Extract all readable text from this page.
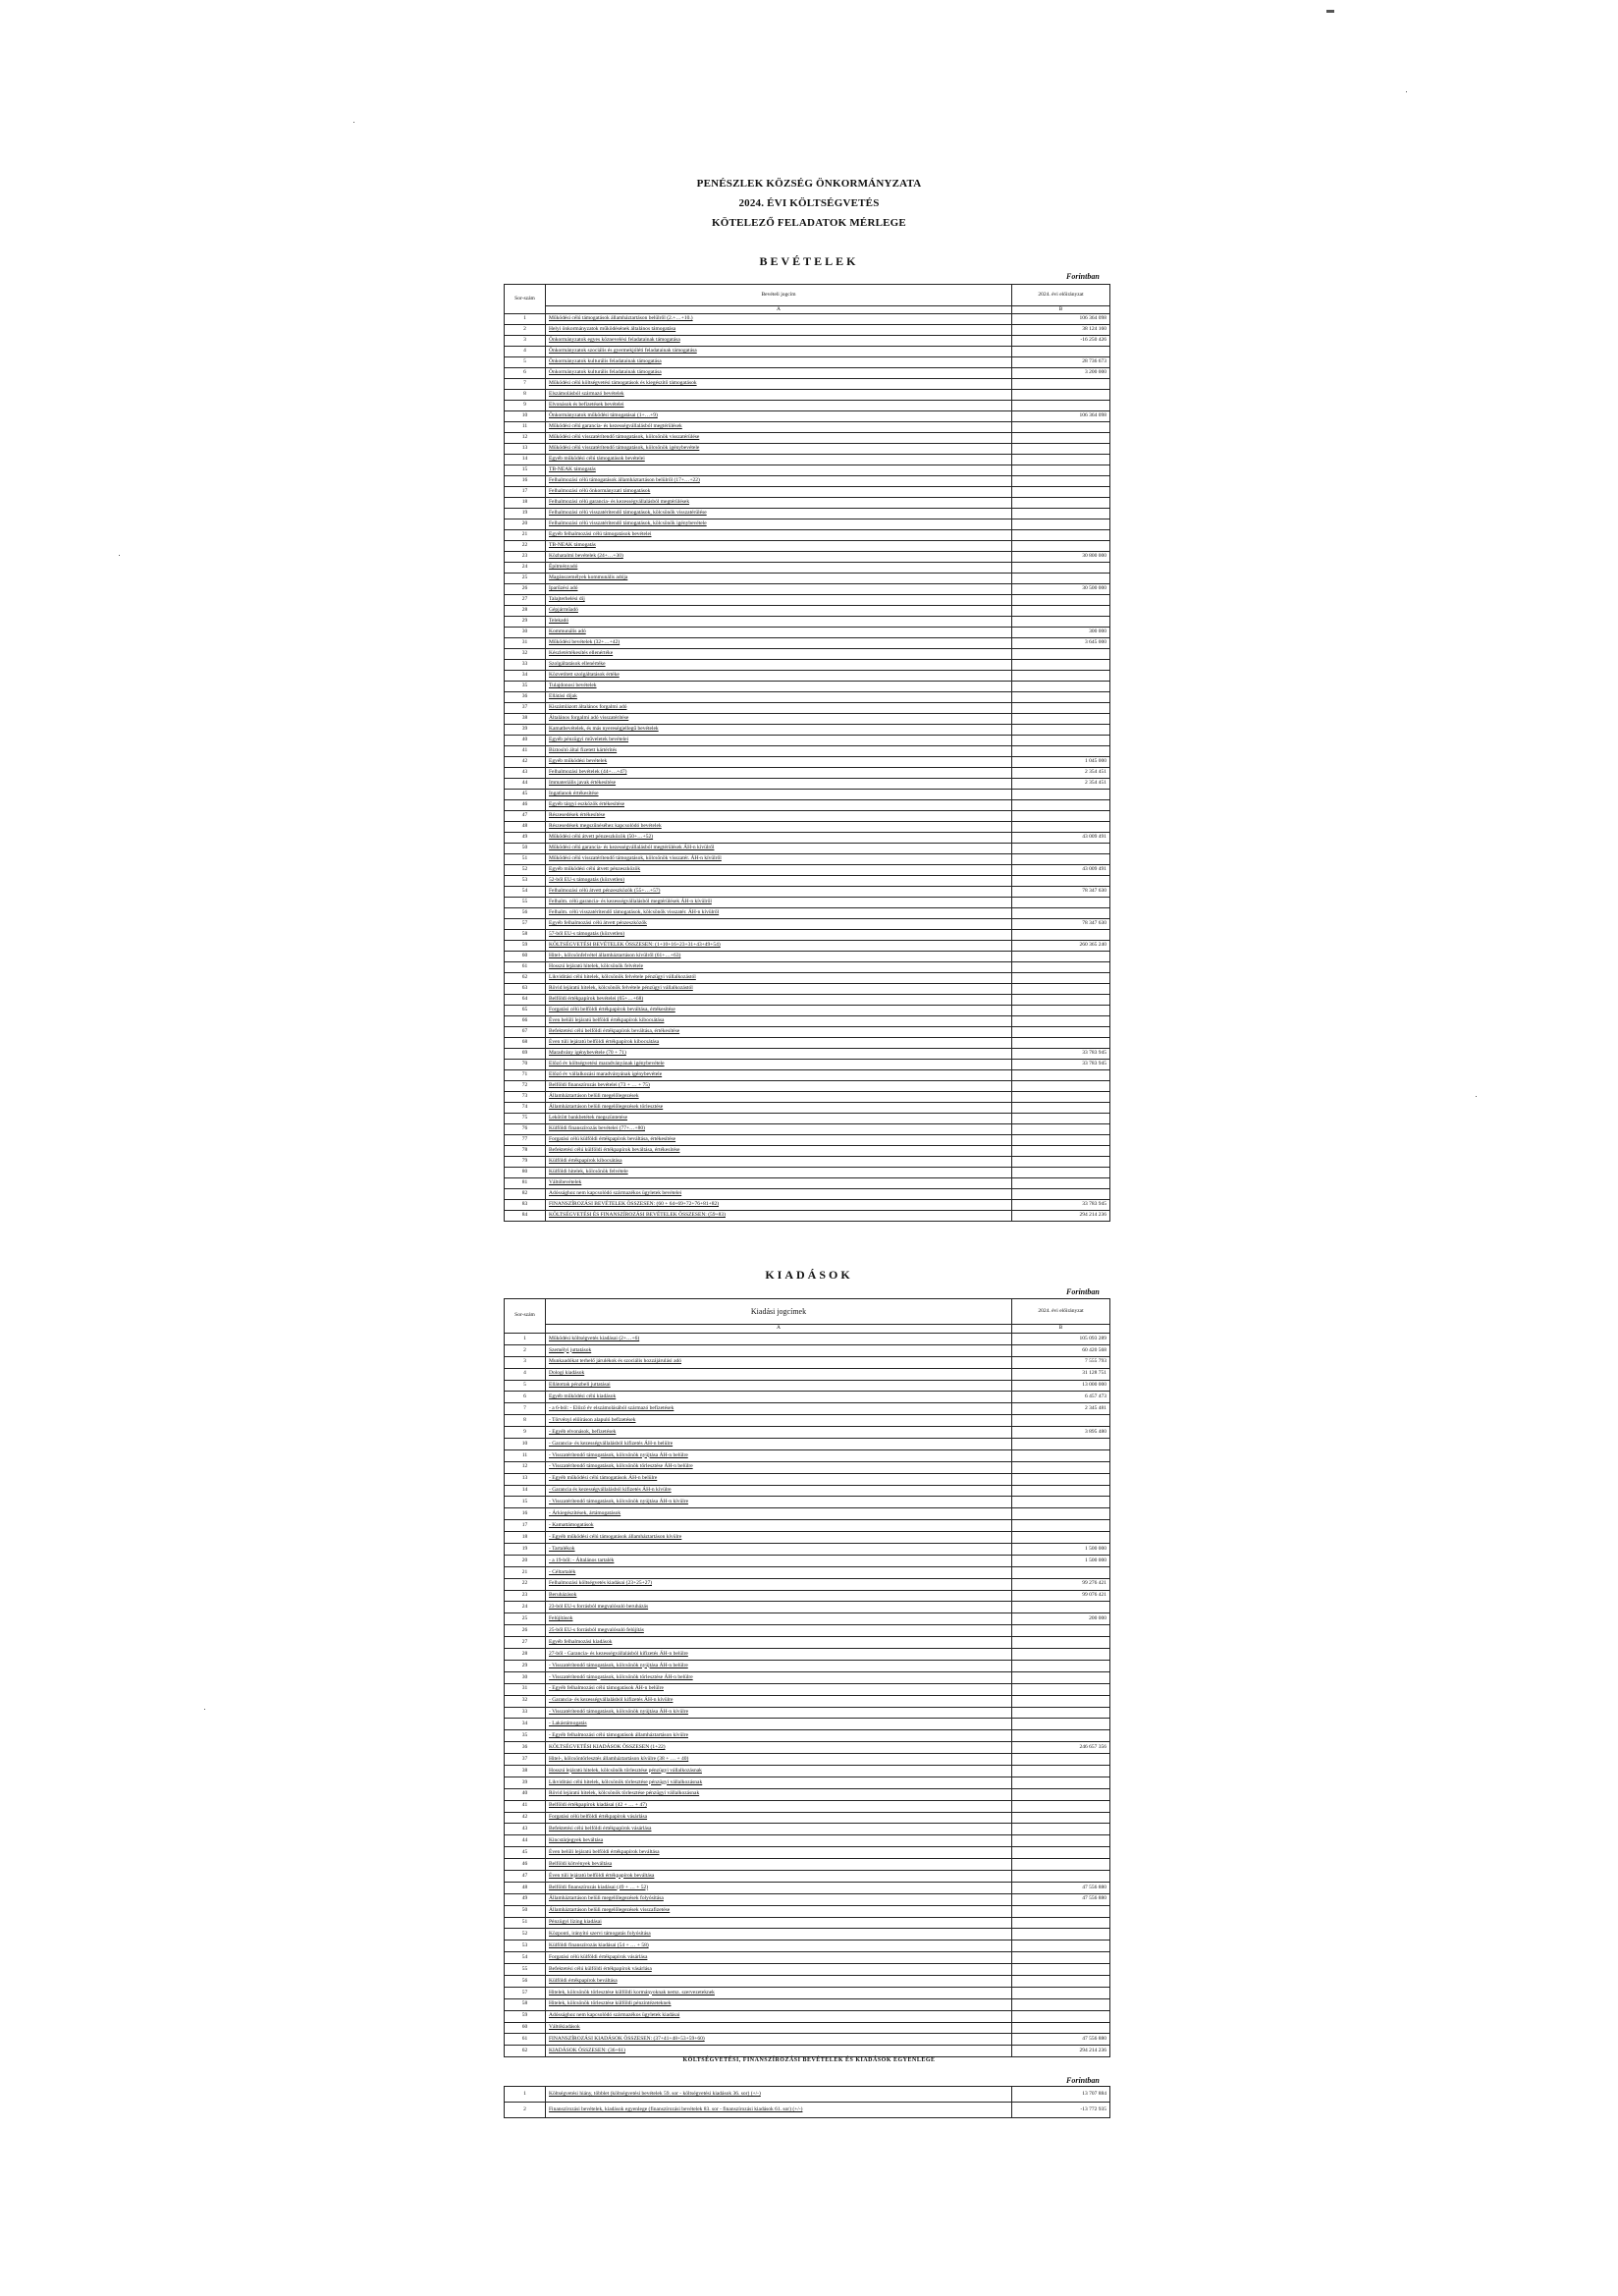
PENÉSZLEK KÖZSÉG ÖNKORMÁNYZATA
2024. ÉVI KÖLTSÉGVETÉS
KÖTELEZŐ FELADATOK MÉRLEGE
BEVÉTELEK
Forintban
Sor-szám	Bevételi jogcím	2024. évi előirányzat
	A	B
1	Működési célú támogatások államháztartáson belülről (2.+…+10.)	106 364 098
2	Helyi önkormányzatok működésének általános támogatása	38 124 160
3	Önkormányzatok egyes köznevelési feladatainak támogatása	-16 250 426
4	Önkormányzatok szociális és gyermekjóléti feladatainak támogatása	
5	Önkormányzatok kulturális feladatainak támogatása	28 736 673
6	Önkormányzatok kulturális feladatainak támogatása	3 200 000
7	Működési célú költségvetési támogatások és kiegészítő támogatások	
8	Elszámolásból származó bevételek	
9	Elvonások és befizetések bevételei	
10	Önkormányzatok működési támogatásai (1+…+9)	106 364 098
11	Működési célú garancia- és kezességvállalásból megtérülések	
12	Működési célú visszatérítendő támogatások, kölcsönök visszatérülése	
13	Működési célú visszatérítendő támogatások, kölcsönök igénybevétele	
14	Egyéb működési célú támogatások bevételei	
15	TB-NEAK támogatás	
16	Felhalmozási célú támogatások államháztartáson belülről (17+…+22)	
17	Felhalmozási célú önkormányzati támogatások	
18	Felhalmozási célú garancia- és kezességvállalásból megtérülések	
19	Felhalmozási célú visszatérítendő támogatások, kölcsönök visszatérülése	
20	Felhalmozási célú visszatérítendő támogatások, kölcsönök igénybevétele	
21	Egyéb felhalmozási célú támogatások bevételei	
22	TB-NEAK támogatás	
23	Közhatalmi bevételek (24+…+30)	30 800 000
24	Építményadó	
25	Magánszemélyek kommunális adója	
26	Iparűzési adó	30 500 000
27	Talajterhelési díj	
28	Gépjárműadó	
29	Telekadó	
30	Kommunális adó	300 000
31	Működési bevételek (32+…+42)	3 645 000
32	Készletértékesítés ellenértéke	
33	Szolgáltatások ellenértéke	
34	Közvetített szolgáltatások értéke	
35	Tulajdonosi bevételek	
36	Ellátási díjak	
37	Kiszámlázott általános forgalmi adó	
38	Általános forgalmi adó visszatérítése	
39	Kamatbevételek, és más nyereségjellegű bevételek	
40	Egyéb pénzügyi műveletek bevételei	
41	Biztosító által fizetett kártérítés	
42	Egyéb működési bevételek	1 045 000
43	Felhalmozási bevételek (44+…+47)	2 354 451
44	Immateriális javak értékesítése	2 354 451
45	Ingatlanok értékesítése	
46	Egyéb tárgyi eszközök értékesítése	
47	Részesedések értékesítése	
48	Részesedések megszűnéséhez kapcsolódó bevételek	
49	Működési célú átvett pénzeszközök (50+…+52)	43 009 491
50	Működési célú garancia- és kezességvállalásból megtérülések ÁH-n kívülről	
51	Működési célú visszatérítendő támogatások, kölcsönök visszatér. ÁH-n kívülről	
52	Egyéb működési célú átvett pénzeszközök	43 009 491
53	52-ből EU-s támogatás (közvetlen)	
54	Felhalmozási célú átvett pénzeszközök (55+…+57)	78 347 630
55	Felhalm. célú garancia- és kezességvállalásból megtérülések ÁH-n kívülről	
56	Felhalm. célú visszatérítendő támogatások, kölcsönök visszatér. ÁH-n kívülről	
57	Egyéb felhalmozási célú átvett pénzeszközök	78 347 630
58	57-ből EU-s támogatás (közvetlen)	
59	KÖLTSÉGVETÉSI BEVÉTELEK ÖSSZESEN: (1+10+16+23+31+43+49+54)	260 365 240
60	Hitel-, kölcsönfelvétel államháztartáson kívülről (61+…+63)	
61	Hosszú lejáratú hitelek, kölcsönök felvétele	
62	Likviditási célú hitelek, kölcsönök felvétele pénzügyi vállalkozástól	
63	Rövid lejáratú hitelek, kölcsönök felvétele pénzügyi vállalkozástól	
64	Belföldi értékpapírok bevételei (65+…+68)	
65	Forgatási célú belföldi értékpapírok beváltása, értékesítése	
66	Éven belüli lejáratú belföldi értékpapírok kibocsátása	
67	Befektetési célú belföldi értékpapírok beváltása, értékesítése	
68	Éven túli lejáratú belföldi értékpapírok kibocsátása	
69	Maradvány igénybevétele (70 + 71)	33 783 945
70	Előző év költségvetési maradványának igénybevétele	33 783 945
71	Előző év vállalkozási maradványának igénybevétele	
72	Belföldi finanszírozás bevételei (73 + … + 75)	
73	Államháztartáson belüli megelőlegezések	
74	Államháztartáson belüli megelőlegezések törlesztése	
75	Lekötött bankbetétek megszüntetése	
76	Külföldi finanszírozás bevételei (77+…+80)	
77	Forgatási célú külföldi értékpapírok beváltása, értékesítése	
78	Befektetési célú külföldi értékpapírok beváltása, értékesítése	
79	Külföldi értékpapírok kibocsátása	
80	Külföldi hitelek, kölcsönök felvétele	
81	Váltóbevételek	
82	Adóssághoz nem kapcsolódó származékos ügyletek bevételei	
83	FINANSZÍROZÁSI BEVÉTELEK ÖSSZESEN: (60 + 64+69+72+76+81+82)	33 783 945
84	KÖLTSÉGVETÉSI ÉS FINANSZÍROZÁSI BEVÉTELEK ÖSSZESEN: (59+83)	294 214 236
KIADÁSOK
Forintban
Sor-szám	Kiadási jogcímek	2024. évi előirányzat
	A	B
1	Működési költségvetés kiadásai (2+…+6)	105 093 289
2	Személyi juttatások	60 420 568
3	Munkaadókat terhelő járulékok és szociális hozzájárulási adó	7 555 793
4	Dologi kiadások	31 128 751
5	Ellátottak pénzbeli juttatásai	13 000 000
6	Egyéb működési célú kiadások	6 457 473
7	- a 6-ból: - Előző év elszámolásából származó befizetések	2 345 481
8	- Törvényi előíráson alapuló befizetések	
9	- Egyéb elvonások, befizetések	3 895 480
10	- Garancia- és kezességvállalásból kifizetés ÁH-n belülre	
11	- Visszatérítendő támogatások, kölcsönök nyújtása ÁH-n belülre	
12	- Visszatérítendő támogatások, kölcsönök törlesztése ÁH-n belülre	
13	- Egyéb működési célú támogatások ÁH-n belülre	
14	- Garancia és kezességvállalásból kifizetés ÁH-n kívülre	
15	- Visszatérítendő támogatások, kölcsönök nyújtása ÁH-n kívülre	
16	- Árkiegészítések, ártámogatások	
17	- Kamattámogatások	
18	- Egyéb működési célú támogatások államháztartáson kívülre	
19	- Tartalékok	1 500 000
20	- a 19-ből: - Általános tartalék	1 500 000
21	- Céltartalék	
22	Felhalmozási költségvetés kiadásai (23+25+27)	99 276 421
23	Beruházások	99 076 421
24	23-ból EU-s forrásból megvalósuló beruházás	
25	Felújítások	200 000
26	25-ből EU-s forrásból megvalósuló felújítás	
27	Egyéb felhalmozási kiadások	
28	27-ből - Garancia- és kezességvállalásból kifizetés ÁH-n belülre	
29	- Visszatérítendő támogatások, kölcsönök nyújtása ÁH-n belülre	
30	- Visszatérítendő támogatások, kölcsönök törlesztése ÁH-n belülre	
31	- Egyéb felhalmozási célú támogatások ÁH-n belülre	
32	- Garancia- és kezességvállalásból kifizetés ÁH-n kívülre	
33	- Visszatérítendő támogatások, kölcsönök nyújtása ÁH-n kívülre	
34	- Lakástámogatás	
35	- Egyéb felhalmozási célú támogatások államháztartáson kívülre	
36	KÖLTSÉGVETÉSI KIADÁSOK ÖSSZESEN (1+22)	246 657 356
37	Hitel-, kölcsöntörlesztés államháztartáson kívülre (38 + … + 40)	
38	Hosszú lejáratú hitelek, kölcsönök törlesztése pénzügyi vállalkozásnak	
39	Likviditási célú hitelek, kölcsönök törlesztése pénzügyi vállalkozásnak	
40	Rövid lejáratú hitelek, kölcsönök törlesztése pénzügyi vállalkozásnak	
41	Belföldi értékpapírok kiadásai (42 + … + 47)	
42	Forgatási célú belföldi értékpapírok vásárlása	
43	Befektetési célú belföldi értékpapírok vásárlása	
44	Kincstárjegyek beváltása	
45	Éven belüli lejáratú belföldi értékpapírok beváltása	
46	Belföldi kötvények beváltása	
47	Éven túli lejáratú belföldi értékpapírok beváltása	
48	Belföldi finanszírozás kiadásai (49 + … + 52)	47 556 880
49	Államháztartáson belüli megelőlegezések folyósítása	47 556 880
50	Államháztartáson belüli megelőlegezések visszafizetése	
51	Pénzügyi lízing kiadásai	
52	Központi, irányító szervi támogatás folyósítása	
53	Külföldi finanszírozás kiadásai (54 + … + 58)	
54	Forgatási célú külföldi értékpapírok vásárlása	
55	Befektetési célú külföldi értékpapírok vásárlása	
56	Külföldi értékpapírok beváltása	
57	Hitelek, kölcsönök törlesztése külföldi kormányoknak nemz. szervezeteknek	
58	Hitelek, kölcsönök törlesztése külföldi pénzintézeteknek	
59	Adóssághoz nem kapcsolódó származékos ügyletek kiadásai	
60	Váltókiadások	
61	FINANSZÍROZÁSI KIADÁSOK ÖSSZESEN: (37+41+48+53+59+60)	47 556 880
62	KIADÁSOK ÖSSZESEN: (36+61)	294 214 236
KÖLTSÉGVETÉSI, FINANSZÍROZÁSI BEVÉTELEK ÉS KIADÁSOK EGYENLEGE
Forintban
1	Költségvetési hiány, többlet (költségvetési bevételek 59. sor - költségvetési kiadások 36. sor) (+/-)	13 707 884
2	Finanszírozási bevételek, kiadások egyenlege (finanszírozási bevételek 83. sor - finanszírozási kiadások 61. sor) (+/-)	-13 772 935
